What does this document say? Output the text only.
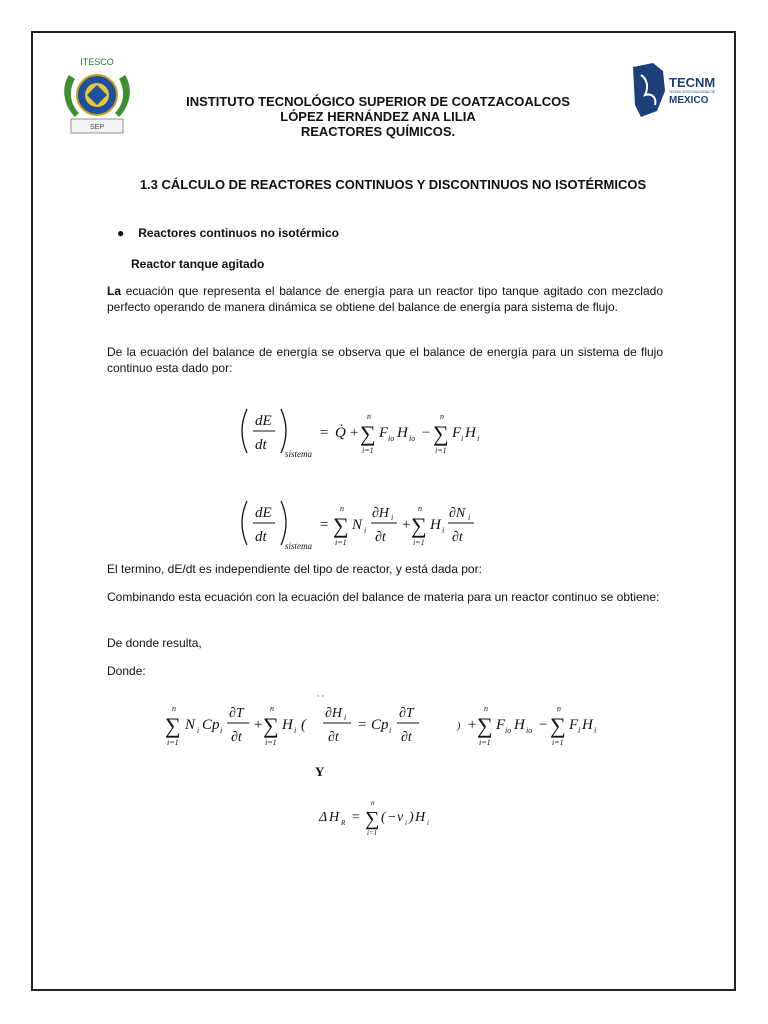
ITESCO
SEP
TECNM
TECNOLÓGICO NACIONAL DE
MEXICO
INSTITUTO TECNOLÓGICO SUPERIOR DE COATZACOALCOS
LÓPEZ HERNÁNDEZ ANA LILIA
REACTORES QUÍMICOS.
1.3 CÁLCULO DE REACTORES CONTINUOS Y DISCONTINUOS NO ISOTÉRMICOS
● Reactores continuos no isotérmico
Reactor tanque agitado
La ecuación que representa el balance de energía para un reactor tipo tanque agitado con mezclado perfecto operando de manera dinámica se obtiene del balance de energía para sistema de flujo.
De la ecuación del balance de energía se observa que el balance de energía para un sistema de flujo continuo esta dado por:
dE
dt
sistema
= Q̇ + ∑
n
i=1
F io H io − ∑
n
i=1
F i H i
dE
dt
sistema
= ∑
n
i=1
N i
∂H i
∂t
+ ∑
n
i=1
H i
∂N i
∂t
El termino, dE/dt es independiente del tipo de reactor, y está dada por:
Combinando esta ecuación con la ecuación del balance de materia para un reactor continuo se obtiene:
De donde resulta,
Donde:
· ·
∑
n
i=1
N i Cp i
∂T
∂t
+ ∑
n
i=1
H i (
∂H i
∂t
= Cp i
∂T
∂t
) + ∑
n
i=1
F io H io − ∑
n
i=1
F i H i
Y
Δ H R = ∑
n
i=1
( − ν i ) H i
